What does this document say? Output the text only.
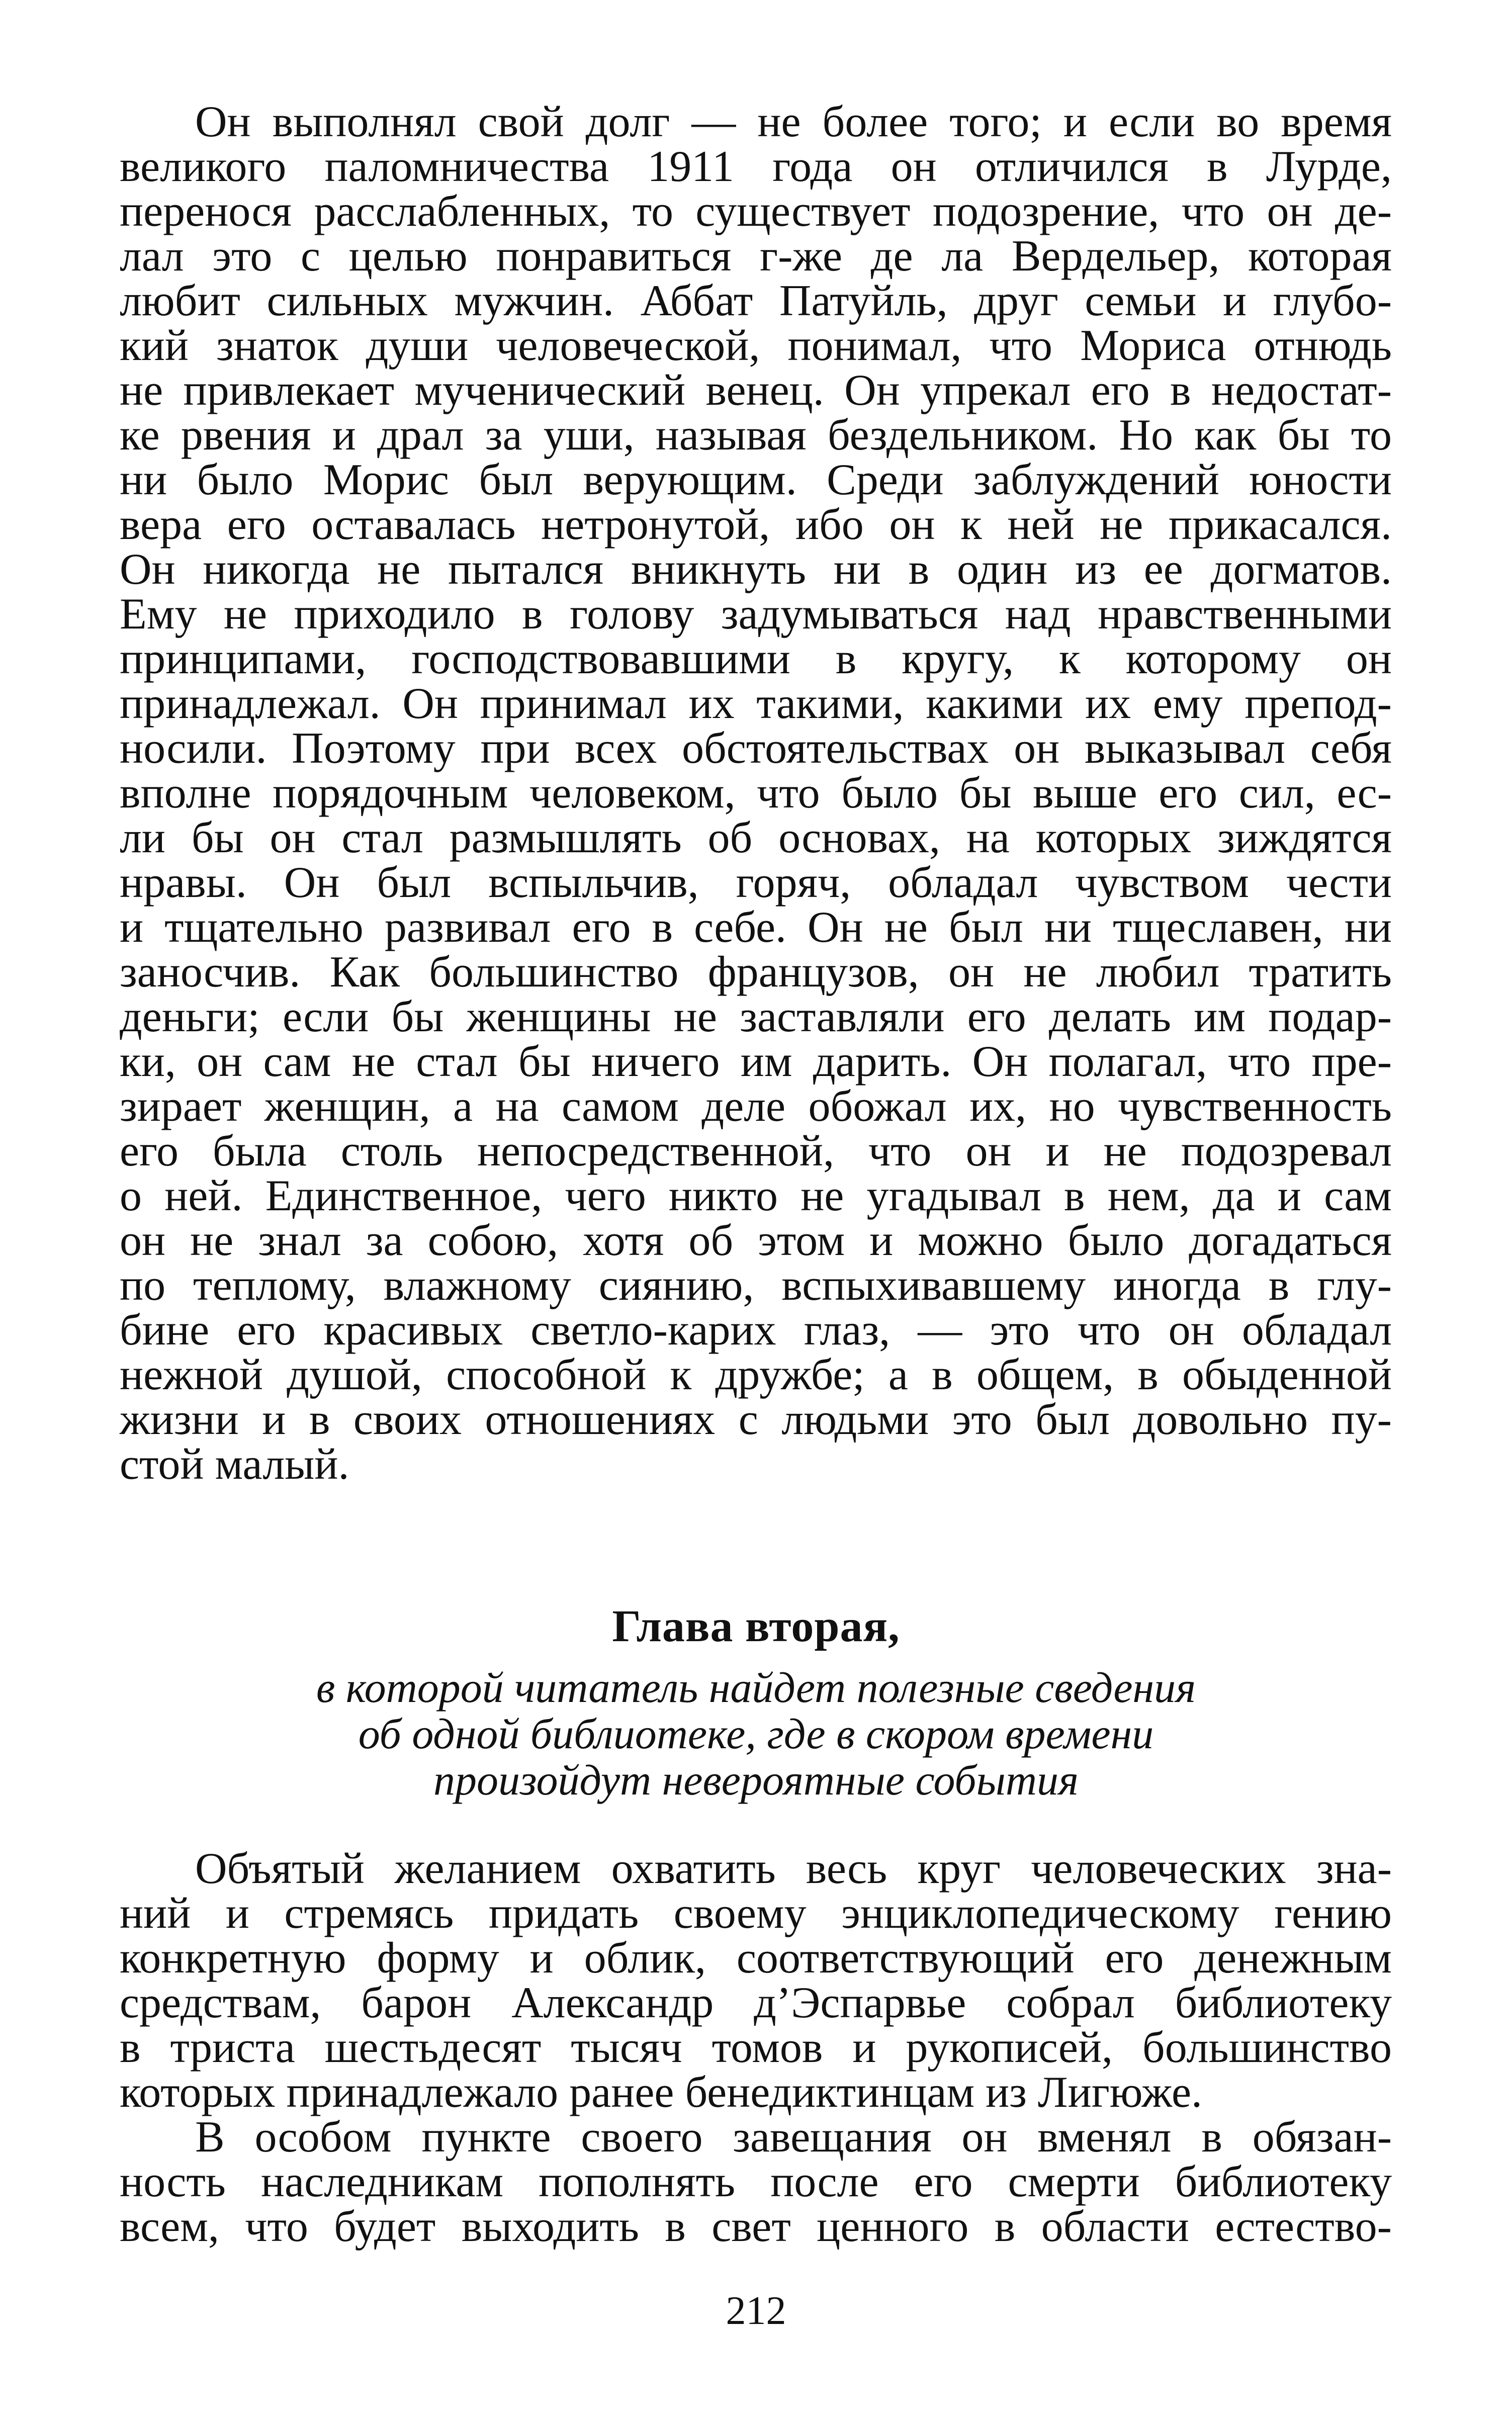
Он выполнял свой долг — не более того; и если во время
великого паломничества 1911 года он отличился в Лурде,
перенося расслабленных, то существует подозрение, что он де-
лал это с целью понравиться г-же де ла Вердельер, которая
любит сильных мужчин. Аббат Патуйль, друг семьи и глубо-
кий знаток души человеческой, понимал, что Мориса отнюдь
не привлекает мученический венец. Он упрекал его в недостат-
ке рвения и драл за уши, называя бездельником. Но как бы то
ни было Морис был верующим. Среди заблуждений юности
вера его оставалась нетронутой, ибо он к ней не прикасался.
Он никогда не пытался вникнуть ни в один из ее догматов.
Ему не приходило в голову задумываться над нравственными
принципами, господствовавшими в кругу, к которому он
принадлежал. Он принимал их такими, какими их ему препод-
носили. Поэтому при всех обстоятельствах он выказывал себя
вполне порядочным человеком, что было бы выше его сил, ес-
ли бы он стал размышлять об основах, на которых зиждятся
нравы. Он был вспыльчив, горяч, обладал чувством чести
и тщательно развивал его в себе. Он не был ни тщеславен, ни
заносчив. Как большинство французов, он не любил тратить
деньги; если бы женщины не заставляли его делать им подар-
ки, он сам не стал бы ничего им дарить. Он полагал, что пре-
зирает женщин, а на самом деле обожал их, но чувственность
его была столь непосредственной, что он и не подозревал
о ней. Единственное, чего никто не угадывал в нем, да и сам
он не знал за собою, хотя об этом и можно было догадаться
по теплому, влажному сиянию, вспыхивавшему иногда в глу-
бине его красивых светло-карих глаз, — это что он обладал
нежной душой, способной к дружбе; а в общем, в обыденной
жизни и в своих отношениях с людьми это был довольно пу-
стой малый.
Глава вторая,
в которой читатель найдет полезные сведения
об одной библиотеке, где в скором времени
произойдут невероятные события
Объятый желанием охватить весь круг человеческих зна-
ний и стремясь придать своему энциклопедическому гению
конкретную форму и облик, соответствующий его денежным
средствам, барон Александр д’Эспарвье собрал библиотеку
в триста шестьдесят тысяч томов и рукописей, большинство
которых принадлежало ранее бенедиктинцам из Лигюже.
В особом пункте своего завещания он вменял в обязан-
ность наследникам пополнять после его смерти библиотеку
всем, что будет выходить в свет ценного в области естество-
212
